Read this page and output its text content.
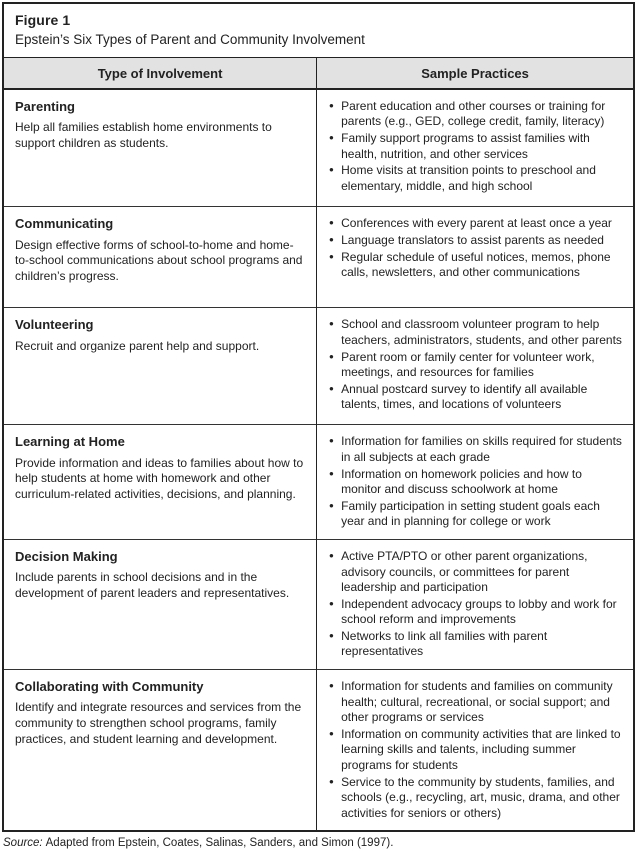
Figure 1
Epstein’s Six Types of Parent and Community Involvement
Type of Involvement	Sample Practices

Parenting
Help all families establish home environments to support children as students.

• Parent education and other courses or training for parents (e.g., GED, college credit, family, literacy)
• Family support programs to assist families with health, nutrition, and other services
• Home visits at transition points to preschool and elementary, middle, and high school

Communicating
Design effective forms of school-to-home and home-to-school communications about school programs and children’s progress.

• Conferences with every parent at least once a year
• Language translators to assist parents as needed
• Regular schedule of useful notices, memos, phone calls, newsletters, and other communications

Volunteering
Recruit and organize parent help and support.

• School and classroom volunteer program to help teachers, administrators, students, and other parents
• Parent room or family center for volunteer work, meetings, and resources for families
• Annual postcard survey to identify all available talents, times, and locations of volunteers

Learning at Home
Provide information and ideas to families about how to help students at home with homework and other curriculum-related activities, decisions, and planning.

• Information for families on skills required for students in all subjects at each grade
• Information on homework policies and how to monitor and discuss schoolwork at home
• Family participation in setting student goals each year and in planning for college or work

Decision Making
Include parents in school decisions and in the development of parent leaders and representatives.

• Active PTA/PTO or other parent organizations, advisory councils, or committees for parent leadership and participation
• Independent advocacy groups to lobby and work for school reform and improvements
• Networks to link all families with parent representatives

Collaborating with Community
Identify and integrate resources and services from the community to strengthen school programs, family practices, and student learning and development.

• Information for students and families on community health; cultural, recreational, or social support; and other programs or services
• Information on community activities that are linked to learning skills and talents, including summer programs for students
• Service to the community by students, families, and schools (e.g., recycling, art, music, drama, and other activities for seniors or others)
Source: Adapted from Epstein, Coates, Salinas, Sanders, and Simon (1997).
